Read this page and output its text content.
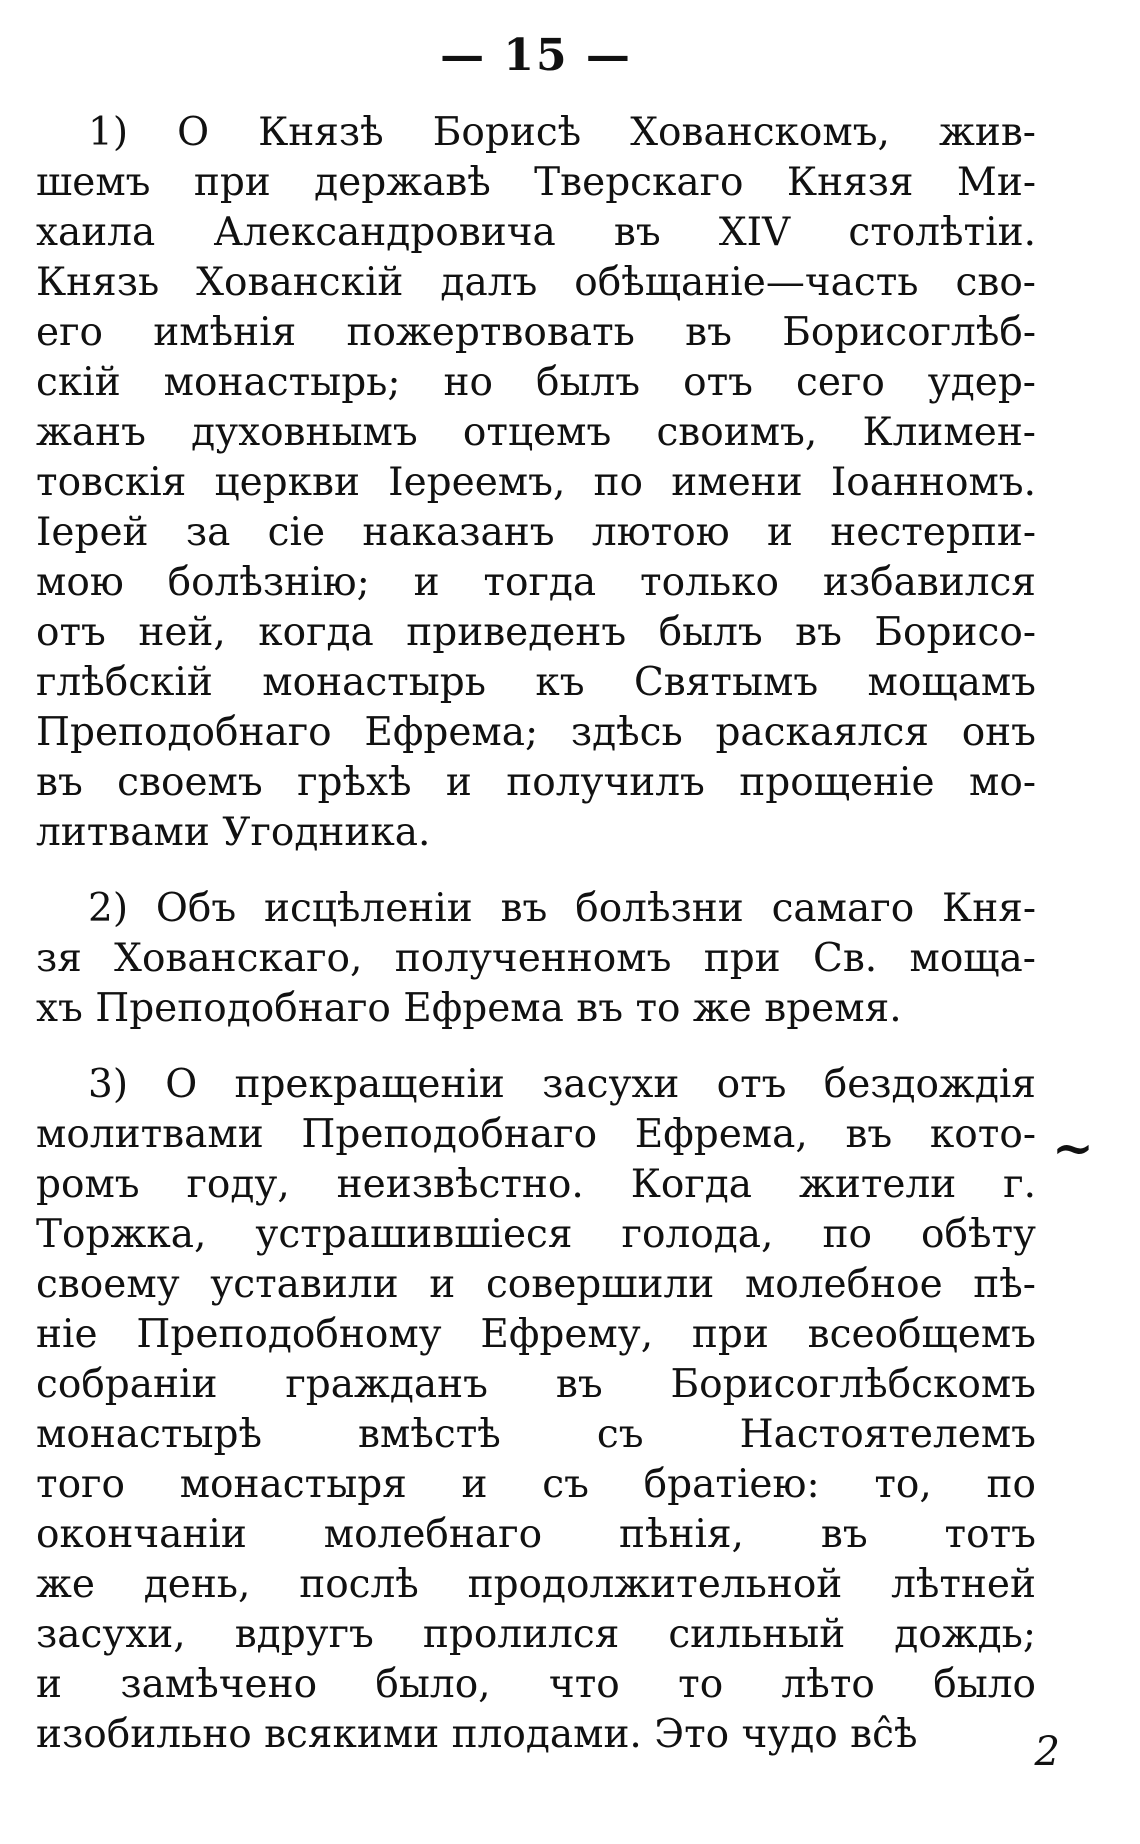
— 15 —
1) О Князѣ Борисѣ Хованскомъ, жив-
шемъ при державѣ Тверскаго Князя Ми-
хаила Александровича въ XIV столѣтіи.
Князь Хованскій далъ обѣщаніе—часть сво-
его имѣнія пожертвовать въ Борисоглѣб-
скій монастырь; но былъ отъ сего удер-
жанъ духовнымъ отцемъ своимъ, Климен-
товскія церкви Іереемъ, по имени Іоанномъ.
Іерей за сіе наказанъ лютою и нестерпи-
мою болѣзнію; и тогда только избавился
отъ ней, когда приведенъ былъ въ Борисо-
глѣбскій монастырь къ Святымъ мощамъ
Преподобнаго Ефрема; здѣсь раскаялся онъ
въ своемъ грѣхѣ и получилъ прощеніе мо-
литвами Угодника.
2) Объ исцѣленіи въ болѣзни самаго Кня-
зя Хованскаго, полученномъ при Св. моща-
хъ Преподобнаго Ефрема въ то же время.
3) О прекращеніи засухи отъ бездождія
молитвами Преподобнаго Ефрема, въ кото-
ромъ году, неизвѣстно. Когда жители г.
Торжка, устрашившіеся голода, по обѣту
своему уставили и совершили молебное пѣ-
ніе Преподобному Ефрему, при всеобщемъ
собраніи гражданъ въ Борисоглѣбскомъ
монастырѣ вмѣстѣ съ Настоятелемъ
того монастыря и съ братіею: то, по
окончаніи молебнаго пѣнія, въ тотъ
же день, послѣ продолжительной лѣтней
засухи, вдругъ пролился сильный дождь;
и замѣчено было, что то лѣто было
изобильно всякими плодами. Это чудо вс̂ѣ
~
2
